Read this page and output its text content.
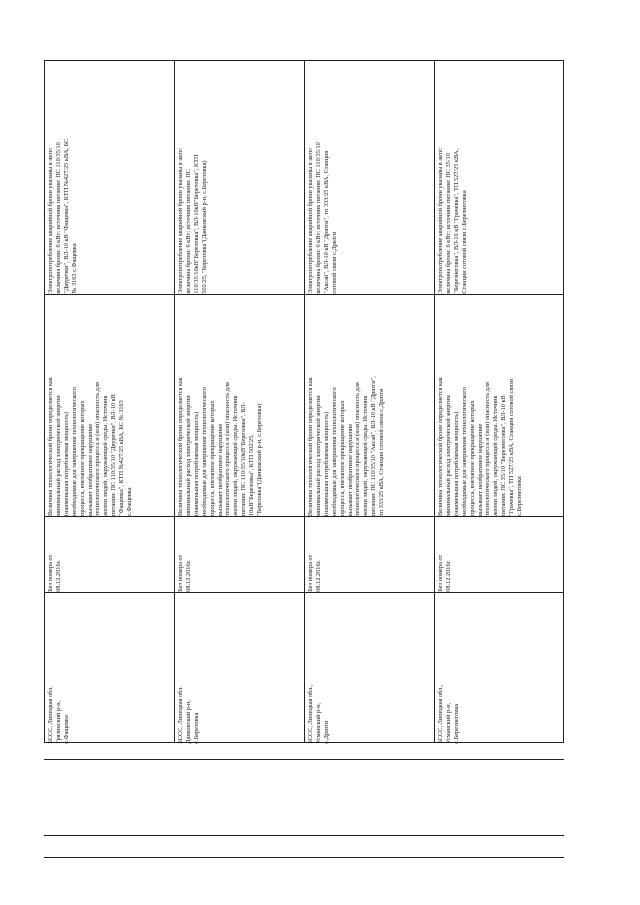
БССС, Липецкая обл.
Грязинский р-н,
с.Фащевка
Без номера от
08.12.2016г.
Величина технологической брони определяется как
минимальный расход электрической энергии
(наименьшая потребляемая мощность)
необходимые для завершения технологического
процесса, внезапное прекращение которых
вызывает необратимое нарушение
технологического процесса и (или) опасность для
жизни людей, окружающей среды. Источник
питания: ПС 110/35/10 "Двуречки", ВЛ-10 кВ
"Фащевка", КТП №427/25 кВА, БС № 3163
с.Фащевка
Электропотребление аварийной брони указаны в акте:
величина брони: 6 кВт; источник питания: ПС 110/35/10
"Двуречки", ВЛ-10 кВ "Фащевка", КТП №427/25 кВА, БС
№ 3163 с.Фащевка
БССС, Липецкая обл.
Данковский р-н,
с.Березовка
Без номера от
08.12.2016г.
Величина технологической брони определяется как
минимальный расход электрической энергии
(наименьшая потребляемая мощность)
необходимые для завершения технологического
процесса, внезапное прекращение которых
вызывает необратимое нарушение
технологического процесса и (или) опасность для
жизни людей, окружающей среды. Источник
питания: ПС 110/35/10кВ"Березовка", ВЛ-
10кВ"Березовка", КТП 502/25,
"Березовка"(Данковский р-н, с.Березовка)
Электропотребление аварийной брони указаны в акте:
величина брони: 6 кВт; источник питания: ПС
110/35/10кВ"Березовка", ВЛ-10кВ"Березовка", КТП
502/25, "Березовка"(Данковский р-н, с.Березовка)
БССС, Липецкая обл.,
Усманский р-н,
с.Дрязги
Без номера от
08.12.2016г.
Величина технологической брони определяется как
минимальный расход электрической энергии
(наименьшая потребляемая мощность)
необходимые для завершения технологического
процесса, внезапное прекращение которых
вызывает необратимое нарушение
технологического процесса и (или) опасность для
жизни людей, окружающей среды. Источник
питания: ПС 110/35/10 "Аксай", ВЛ-10 кВ "Дрязги",
тп 333/25 кВА, Станция сотовой связи с.Дрязги
Электропотребление аварийной брони указаны в акте:
величина брони: 6 кВт; источник питания: ПС 110/35/10
"Аксай", ВЛ-10 кВ "Дрязги", тп 333/25 кВА, Станция
сотовой связи с.Дрязги
БССС, Липецкая обл.,
Усманский р-н,
с.Березнеговка
Без номера от
08.12.2016г.
Величина технологической брони определяется как
минимальный расход электрической энергии
(наименьшая потребляемая мощность)
необходимые для завершения технологического
процесса, внезапное прекращение которых
вызывает необратимое нарушение
технологического процесса и (или) опасность для
жизни людей, окружающей среды. Источник
питания: ПС 35/10 "Березнеговка", ВЛ-10 кВ
"Грачевка", ТП 527/25 кВА, Станция сотовой связи
с.Березнеговка
Электропотребление аварийной брони указаны в акте:
величина брони: 6 кВт; источник питания: ПС 35/10
"Березнеговка", ВЛ-10 кВ "Грачевка", ТП 527/25 кВА,
Станции сотовой связи с.Березнеговка
